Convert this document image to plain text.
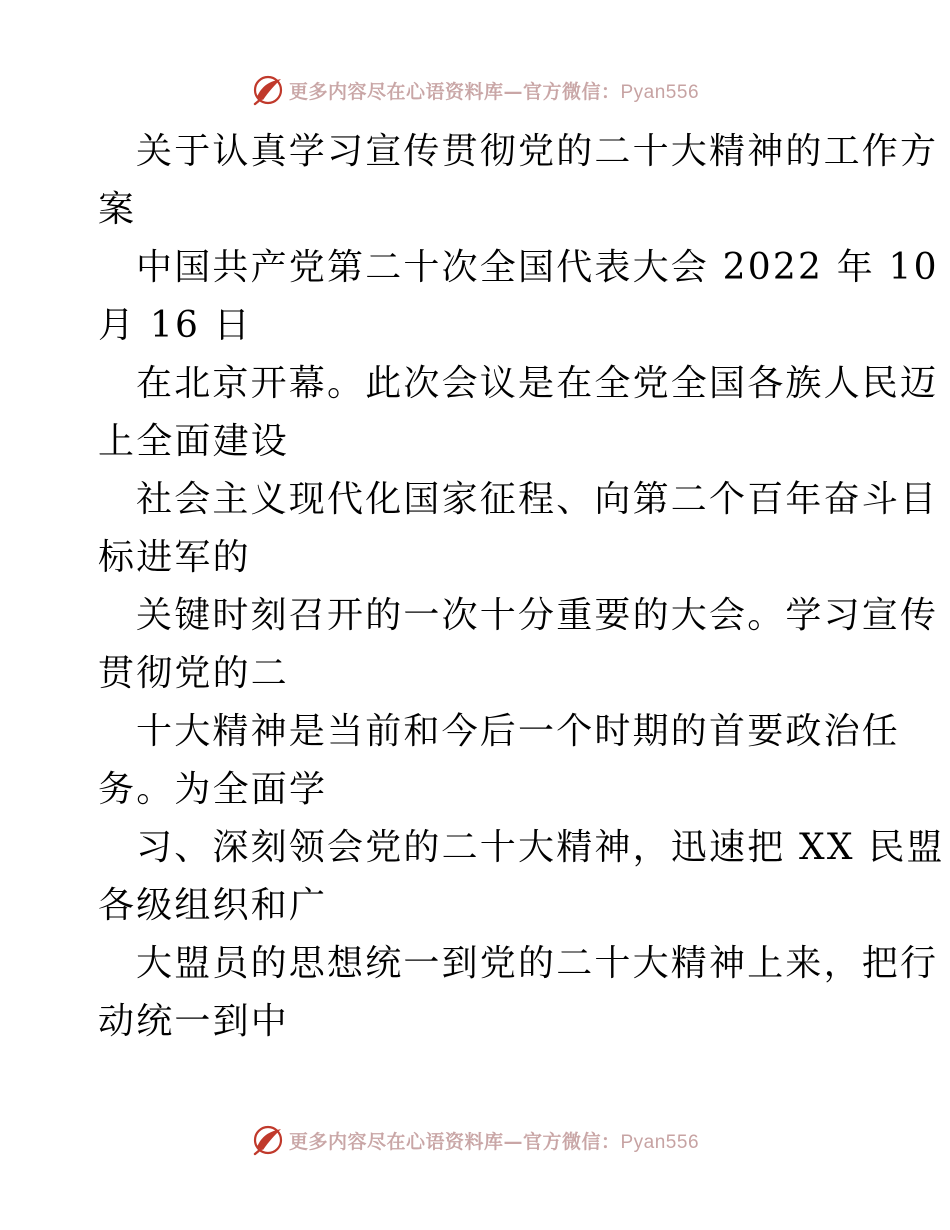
更多内容尽在心语资料库—官方微信：Pyan556

关于认真学习宣传贯彻党的二十大精神的工作方
案

中国共产党第二十次全国代表大会 2022 年 10
月 16 日

在北京开幕。此次会议是在全党全国各族人民迈
上全面建设

社会主义现代化国家征程、向第二个百年奋斗目
标进军的

关键时刻召开的一次十分重要的大会。学习宣传
贯彻党的二

十大精神是当前和今后一个时期的首要政治任
务。为全面学

习、深刻领会党的二十大精神，迅速把 XX 民盟
各级组织和广

大盟员的思想统一到党的二十大精神上来，把行
动统一到中

更多内容尽在心语资料库—官方微信：Pyan556
